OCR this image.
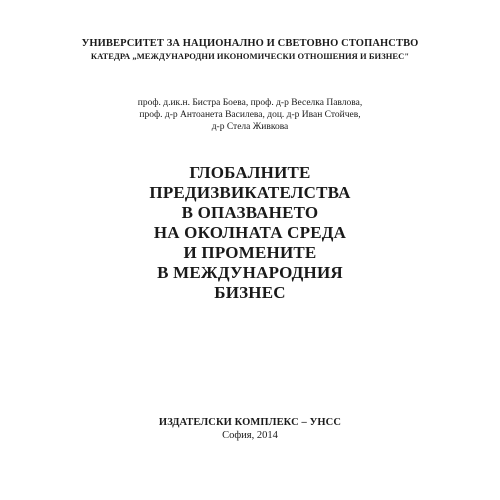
УНИВЕРСИТЕТ ЗА НАЦИОНАЛНО И СВЕТОВНО СТОПАНСТВО
КАТЕДРА „МЕЖДУНАРОДНИ ИКОНОМИЧЕСКИ ОТНОШЕНИЯ И БИЗНЕС"
проф. д.ик.н. Бистра Боева, проф. д-р Веселка Павлова,
проф. д-р Антоанета Василева, доц. д-р Иван Стойчев,
д-р Стела Живкова
ГЛОБАЛНИТЕ
ПРЕДИЗВИКАТЕЛСТВА
В ОПАЗВАНЕТО
НА ОКОЛНАТА СРЕДА
И ПРОМЕНИТЕ
В МЕЖДУНАРОДНИЯ
БИЗНЕС
ИЗДАТЕЛСКИ КОМПЛЕКС – УНСС
София, 2014
